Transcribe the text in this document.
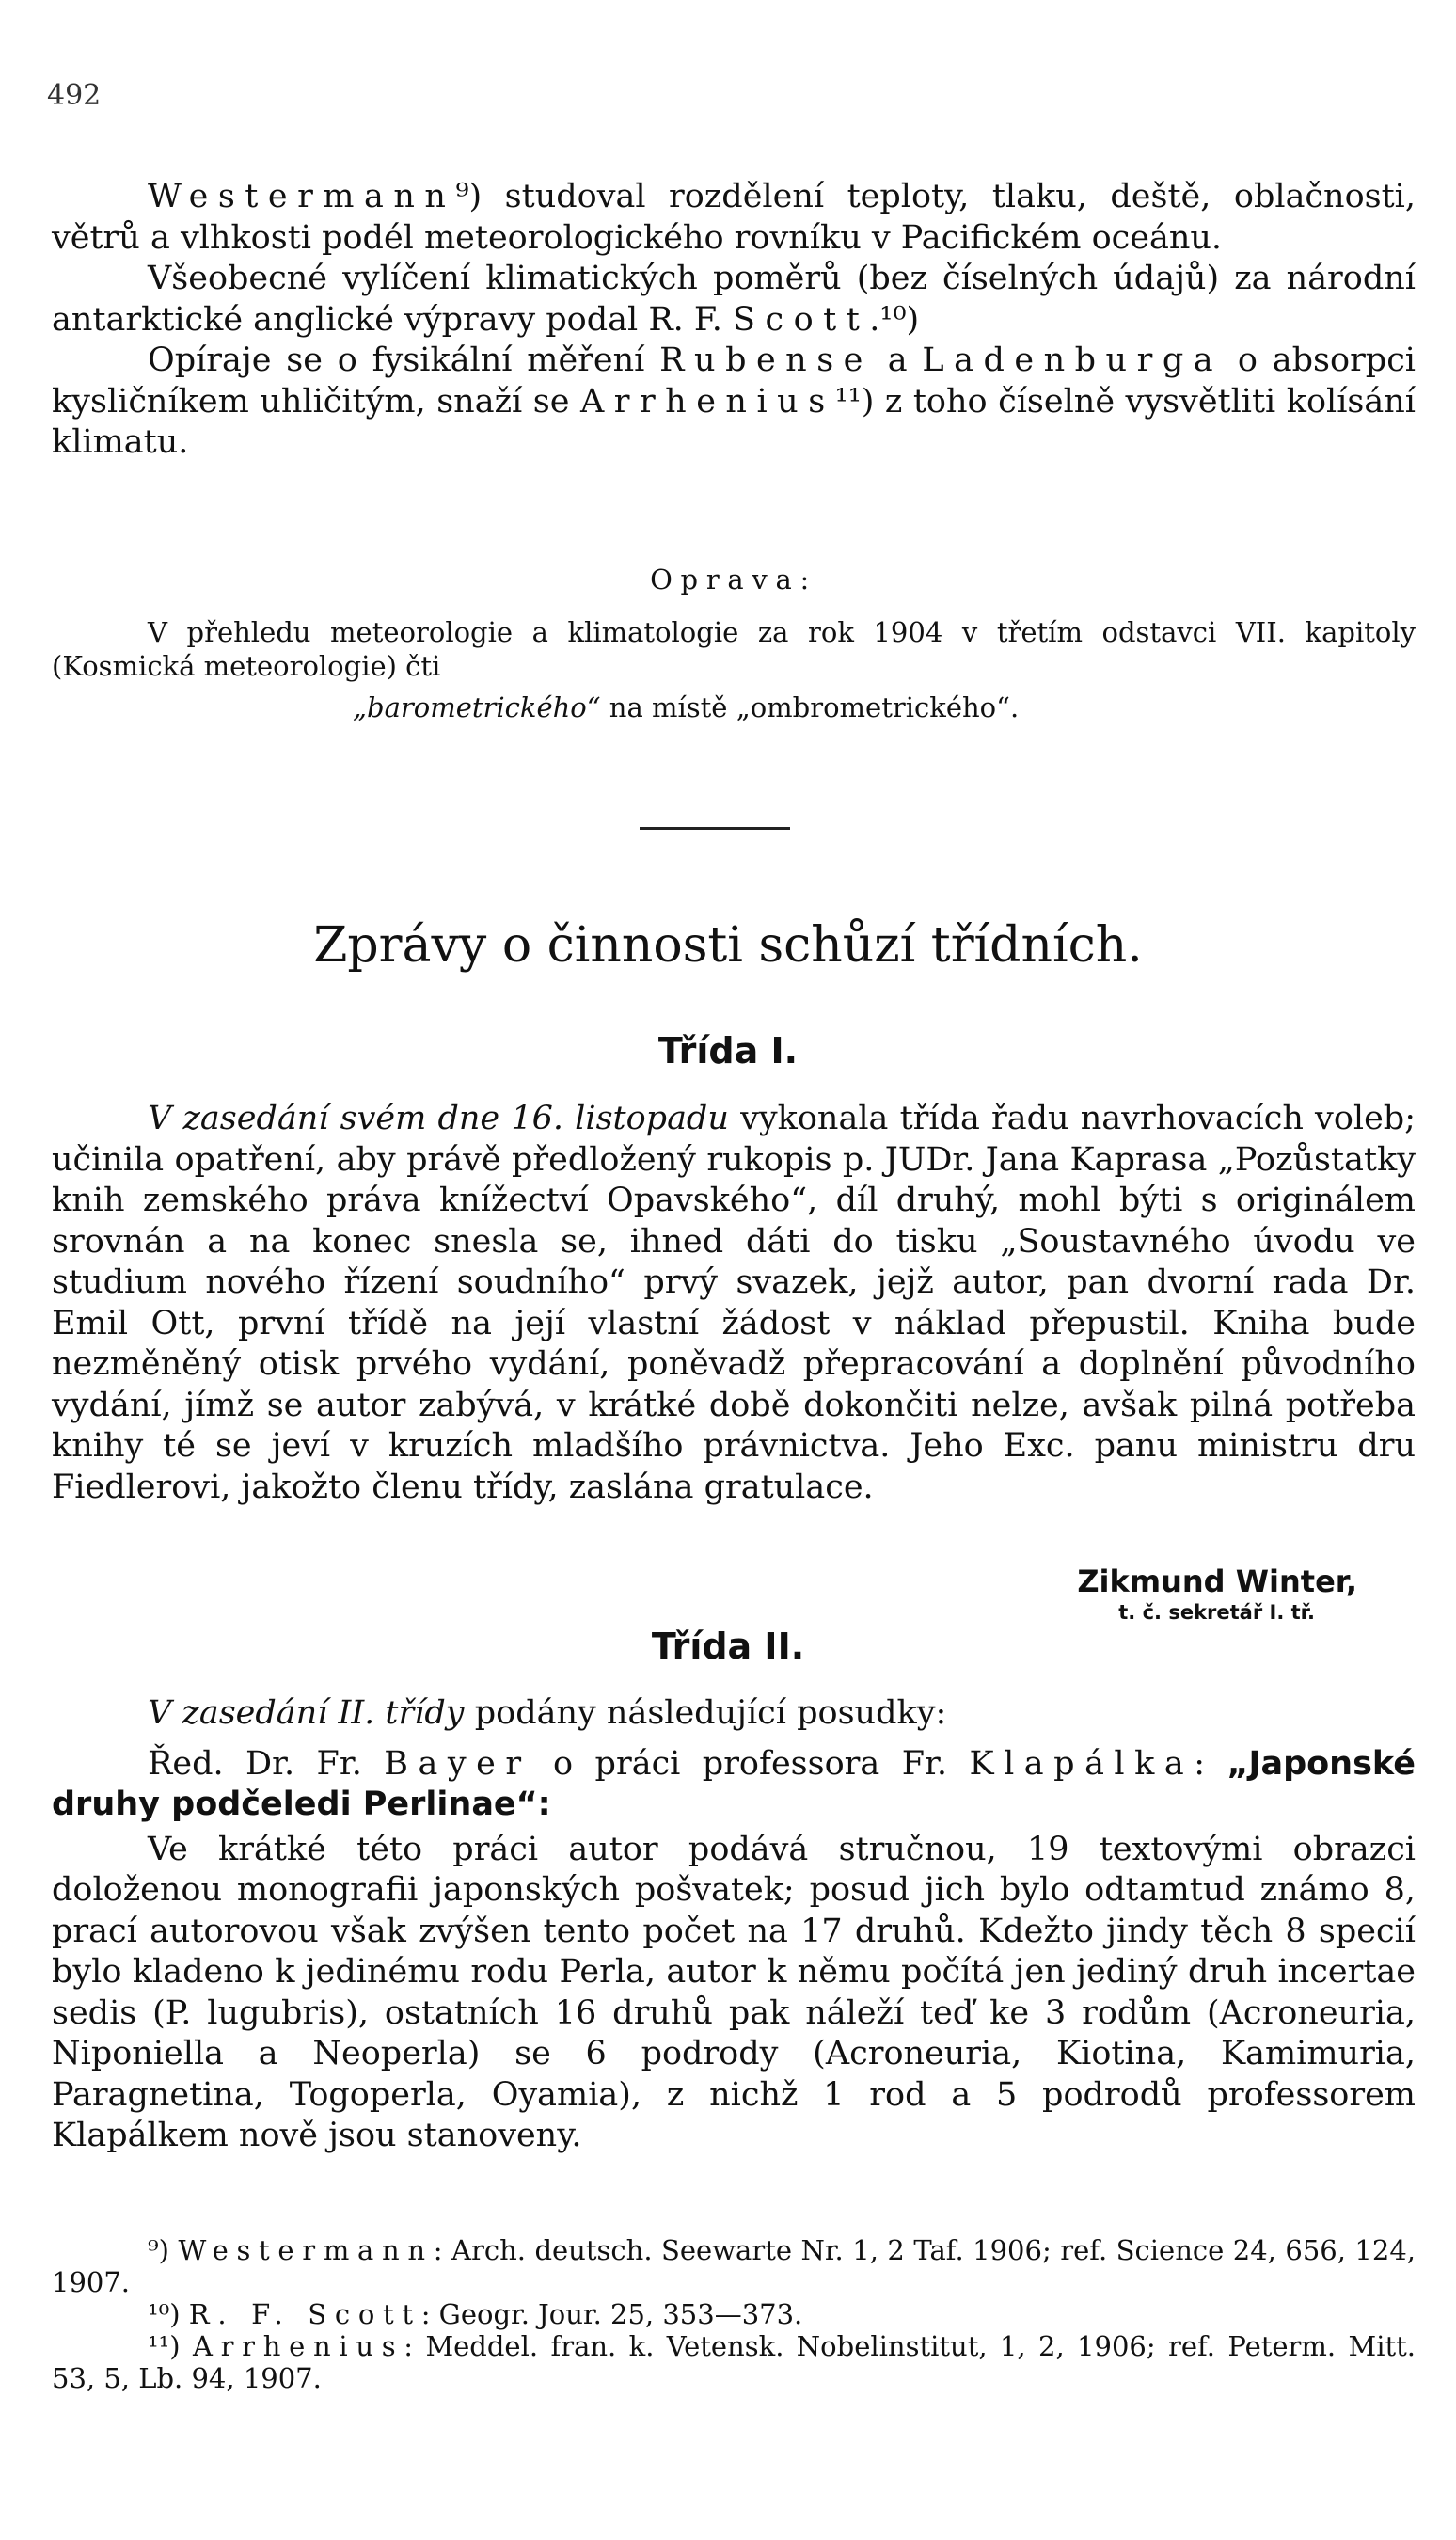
492

Westermann⁹) studoval rozdělení teploty, tlaku, deště, oblačnosti, větrů a vlhkosti podél meteorologického rovníku v Pacifickém oceánu.

Všeobecné vylíčení klimatických poměrů (bez číselných údajů) za národní antarktické anglické výpravy podal R. F. Scott.¹⁰)

Opíraje se o fysikální měření Rubense a Ladenburga o absorpci kysličníkem uhličitým, snaží se Arrhenius¹¹) z toho číselně vysvětliti kolísání klimatu.

Oprava:

V přehledu meteorologie a klimatologie za rok 1904 v třetím odstavci VII. kapitoly (Kosmická meteorologie) čti

„barometrického“ na místě „ombrometrického“.

Zprávy o činnosti schůzí třídních.
Třída I.

V zasedání svém dne 16. listopadu vykonala třída řadu navrhovacích voleb; učinila opatření, aby právě předložený rukopis p. JUDr. Jana Kaprasa „Pozůstatky knih zemského práva knížectví Opavského“, díl druhý, mohl býti s originálem srovnán a na konec snesla se, ihned dáti do tisku „Soustavného úvodu ve studium nového řízení soudního“ prvý svazek, jejž autor, pan dvorní rada Dr. Emil Ott, první třídě na její vlastní žádost v náklad přepustil. Kniha bude nezměněný otisk prvého vydání, poněvadž přepracování a doplnění původního vydání, jímž se autor zabývá, v krátké době dokončiti nelze, avšak pilná potřeba knihy té se jeví v kruzích mladšího právnictva. Jeho Exc. panu ministru dru Fiedlerovi, jakožto členu třídy, zaslána gratulace.

Zikmund Winter,
t. č. sekretář I. tř.
Třída II.

V zasedání II. třídy podány následující posudky:

Řed. Dr. Fr. Bayer o práci professora Fr. Klapálka: „Japonské druhy podčeledi Perlinae“:

Ve krátké této práci autor podává stručnou, 19 textovými obrazci doloženou monografii japonských pošvatek; posud jich bylo odtamtud známo 8, prací autorovou však zvýšen tento počet na 17 druhů. Kdežto jindy těch 8 specií bylo kladeno k jedinému rodu Perla, autor k němu počítá jen jediný druh incertae sedis (P. lugubris), ostatních 16 druhů pak náleží teď ke 3 rodům (Acroneuria, Niponiella a Neoperla) se 6 podrody (Acroneuria, Kiotina, Kamimuria, Paragnetina, Togoperla, Oyamia), z nichž 1 rod a 5 podrodů professorem Klapálkem nově jsou stanoveny.

⁹) Westermann: Arch. deutsch. Seewarte Nr. 1, 2 Taf. 1906; ref. Science 24, 656, 124, 1907.

¹⁰) R. F. Scott: Geogr. Jour. 25, 353—373.

¹¹) Arrhenius: Meddel. fran. k. Vetensk. Nobelinstitut, 1, 2, 1906; ref. Peterm. Mitt. 53, 5, Lb. 94, 1907.
